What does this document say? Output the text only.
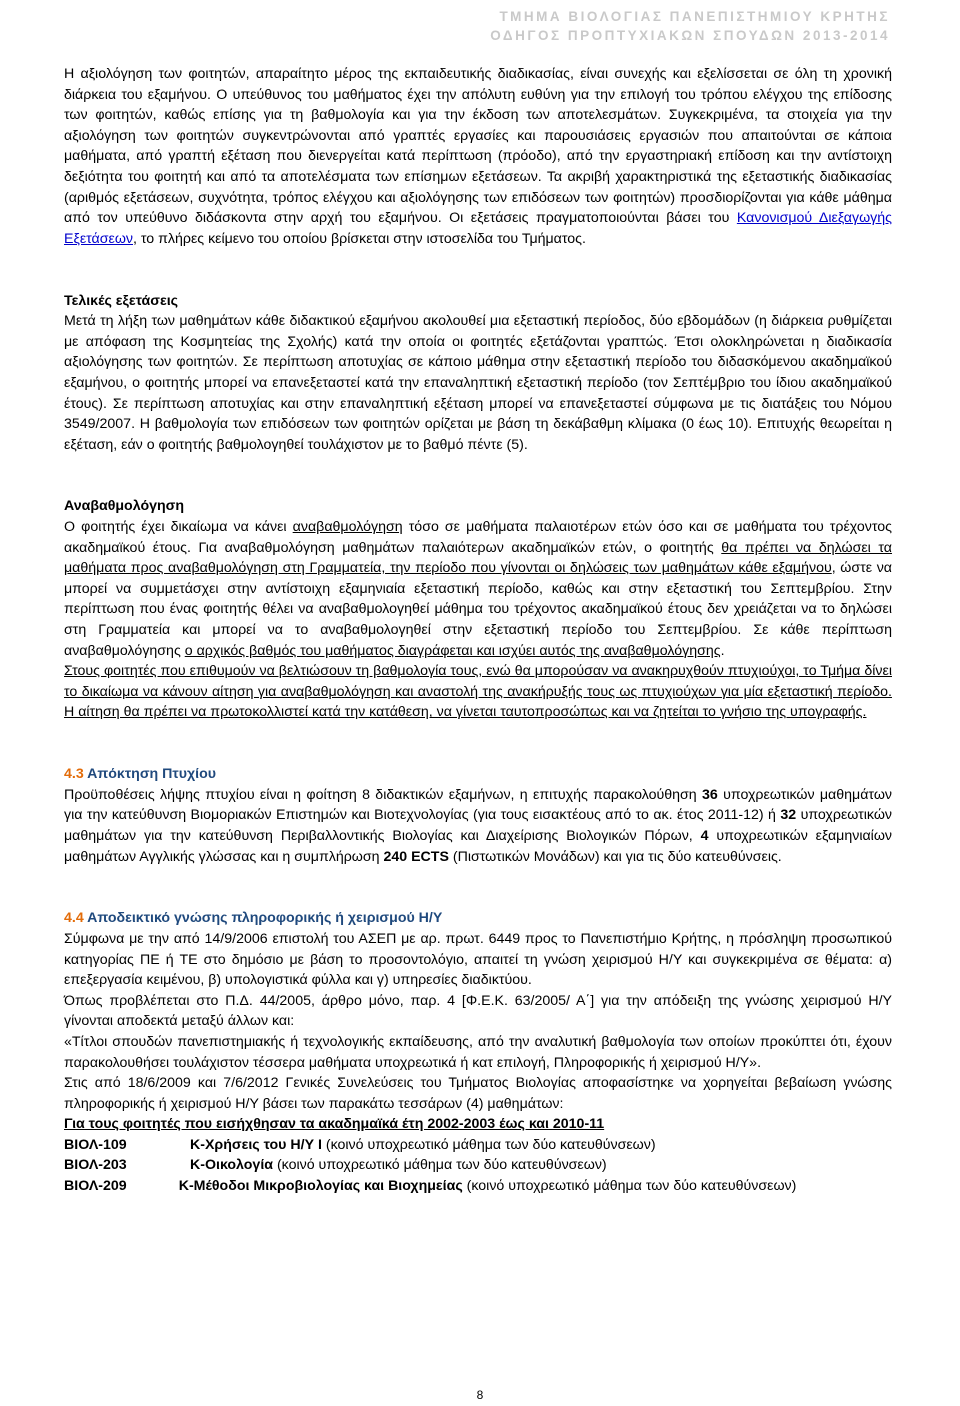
ΤΜΗΜΑ ΒΙΟΛΟΓΙΑΣ ΠΑΝΕΠΙΣΤΗΜΙΟΥ ΚΡΗΤΗΣ
ΟΔΗΓΟΣ ΠΡΟΠΤΥΧΙΑΚΩΝ ΣΠΟΥΔΩΝ 2013-2014

Η αξιολόγηση των φοιτητών, απαραίτητο μέρος της εκπαιδευτικής διαδικασίας, είναι συνεχής και εξελίσσεται σε όλη τη χρονική διάρκεια του εξαμήνου. Ο υπεύθυνος του μαθήματος έχει την απόλυτη ευθύνη για την επιλογή του τρόπου ελέγχου της επίδοσης των φοιτητών, καθώς επίσης για τη βαθμολογία και για την έκδοση των αποτελεσμάτων. Συγκεκριμένα, τα στοιχεία για την αξιολόγηση των φοιτητών συγκεντρώνονται από γραπτές εργασίες και παρουσιάσεις εργασιών που απαιτούνται σε κάποια μαθήματα, από γραπτή εξέταση που διενεργείται κατά περίπτωση (πρόοδο), από την εργαστηριακή επίδοση και την αντίστοιχη δεξιότητα του φοιτητή και από τα αποτελέσματα των επίσημων εξετάσεων. Τα ακριβή χαρακτηριστικά της εξεταστικής διαδικασίας (αριθμός εξετάσεων, συχνότητα, τρόπος ελέγχου και αξιολόγησης των επιδόσεων των φοιτητών) προσδιορίζονται για κάθε μάθημα από τον υπεύθυνο διδάσκοντα στην αρχή του εξαμήνου. Οι εξετάσεις πραγματοποιούνται βάσει του Κανονισμού Διεξαγωγής Εξετάσεων, το πλήρες κείμενο του οποίου βρίσκεται στην ιστοσελίδα του Τμήματος.

Τελικές εξετάσεις

Μετά τη λήξη των μαθημάτων κάθε διδακτικού εξαμήνου ακολουθεί μια εξεταστική περίοδος, δύο εβδομάδων (η διάρκεια ρυθμίζεται με απόφαση της Κοσμητείας της Σχολής) κατά την οποία οι φοιτητές εξετάζονται γραπτώς. Έτσι ολοκληρώνεται η διαδικασία αξιολόγησης των φοιτητών. Σε περίπτωση αποτυχίας σε κάποιο μάθημα στην εξεταστική περίοδο του διδασκόμενου ακαδημαϊκού εξαμήνου, ο φοιτητής μπορεί να επανεξεταστεί κατά την επαναληπτική εξεταστική περίοδο (τον Σεπτέμβριο του ίδιου ακαδημαϊκού έτους). Σε περίπτωση αποτυχίας και στην επαναληπτική εξέταση μπορεί να επανεξεταστεί σύμφωνα με τις διατάξεις του Νόμου 3549/2007. Η βαθμολογία των επιδόσεων των φοιτητών ορίζεται με βάση τη δεκάβαθμη κλίμακα (0 έως 10). Επιτυχής θεωρείται η εξέταση, εάν ο φοιτητής βαθμολογηθεί τουλάχιστον με το βαθμό πέντε (5).

Αναβαθμολόγηση

Ο φοιτητής έχει δικαίωμα να κάνει αναβαθμολόγηση τόσο σε μαθήματα παλαιοτέρων ετών όσο και σε μαθήματα του τρέχοντος ακαδημαϊκού έτους. Για αναβαθμολόγηση μαθημάτων παλαιότερων ακαδημαϊκών ετών, ο φοιτητής θα πρέπει να δηλώσει τα μαθήματα προς αναβαθμολόγηση στη Γραμματεία, την περίοδο που γίνονται οι δηλώσεις των μαθημάτων κάθε εξαμήνου, ώστε να μπορεί να συμμετάσχει στην αντίστοιχη εξαμηνιαία εξεταστική περίοδο, καθώς και στην εξεταστική του Σεπτεμβρίου. Στην περίπτωση που ένας φοιτητής θέλει να αναβαθμολογηθεί μάθημα του τρέχοντος ακαδημαϊκού έτους δεν χρειάζεται να το δηλώσει στη Γραμματεία και μπορεί να το αναβαθμολογηθεί στην εξεταστική περίοδο του Σεπτεμβρίου. Σε κάθε περίπτωση αναβαθμολόγησης ο αρχικός βαθμός του μαθήματος διαγράφεται και ισχύει αυτός της αναβαθμολόγησης.

Στους φοιτητές που επιθυμούν να βελτιώσουν τη βαθμολογία τους, ενώ θα μπορούσαν να ανακηρυχθούν πτυχιούχοι, το Τμήμα δίνει το δικαίωμα να κάνουν αίτηση για αναβαθμολόγηση και αναστολή της ανακήρυξής τους ως πτυχιούχων για μία εξεταστική περίοδο. Η αίτηση θα πρέπει να πρωτοκολλιστεί κατά την κατάθεση, να γίνεται ταυτοπροσώπως και να ζητείται το γνήσιο της υπογραφής.

4.3 Απόκτηση Πτυχίου

Προϋποθέσεις λήψης πτυχίου είναι η φοίτηση 8 διδακτικών εξαμήνων, η επιτυχής παρακολούθηση 36 υποχρεωτικών μαθημάτων για την κατεύθυνση Βιομοριακών Επιστημών και Βιοτεχνολογίας (για τους εισακτέους από το ακ. έτος 2011-12) ή 32 υποχρεωτικών μαθημάτων για την κατεύθυνση Περιβαλλοντικής Βιολογίας και Διαχείρισης Βιολογικών Πόρων, 4 υποχρεωτικών εξαμηνιαίων μαθημάτων Αγγλικής γλώσσας και η συμπλήρωση 240 ECTS (Πιστωτικών Μονάδων) και για τις δύο κατευθύνσεις.

4.4 Αποδεικτικό γνώσης πληροφορικής ή χειρισμού Η/Υ

Σύμφωνα με την από 14/9/2006 επιστολή του ΑΣΕΠ με αρ. πρωτ. 6449 προς το Πανεπιστήμιο Κρήτης, η πρόσληψη προσωπικού κατηγορίας ΠΕ ή ΤΕ στο δημόσιο με βάση το προσοντολόγιο, απαιτεί τη γνώση χειρισμού Η/Υ και συγκεκριμένα σε θέματα: α) επεξεργασία κειμένου, β) υπολογιστικά φύλλα και γ) υπηρεσίες διαδικτύου.

Όπως προβλέπεται στο Π.Δ. 44/2005, άρθρο μόνο, παρ. 4 [Φ.Ε.Κ. 63/2005/ Α΄] για την απόδειξη της γνώσης χειρισμού Η/Υ γίνονται αποδεκτά μεταξύ άλλων και:

«Τίτλοι σπουδών πανεπιστημιακής ή τεχνολογικής εκπαίδευσης, από την αναλυτική βαθμολογία των οποίων προκύπτει ότι, έχουν παρακολουθήσει τουλάχιστον τέσσερα μαθήματα υποχρεωτικά ή κατ επιλογή, Πληροφορικής ή χειρισμού Η/Υ».

Στις από 18/6/2009 και 7/6/2012 Γενικές Συνελεύσεις του Τμήματος Βιολογίας αποφασίστηκε να χορηγείται βεβαίωση γνώσης πληροφορικής ή χειρισμού Η/Υ βάσει των παρακάτω τεσσάρων (4) μαθημάτων:

Για τους φοιτητές που εισήχθησαν τα ακαδημαϊκά έτη 2002-2003 έως και 2010-11

ΒΙΟΛ-109	Κ-Χρήσεις του Η/Υ Ι (κοινό υποχρεωτικό μάθημα των δύο κατευθύνσεων)
ΒΙΟΛ-203	Κ-Οικολογία (κοινό υποχρεωτικό μάθημα των δύο κατευθύνσεων)

ΒΙΟΛ-209	Κ-Μέθοδοι Μικροβιολογίας και Βιοχημείας (κοινό υποχρεωτικό μάθημα των δύο κατευθύνσεων)

8
